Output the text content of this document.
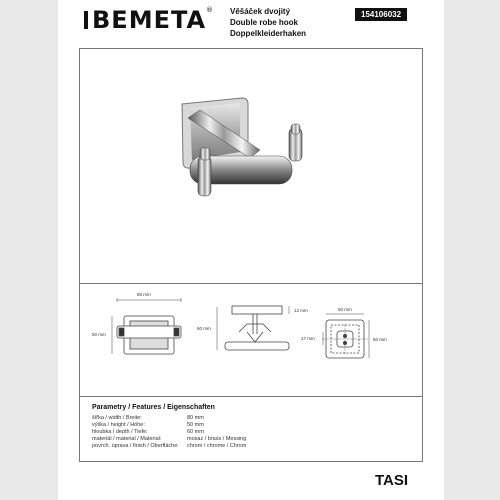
BEMETA® Věšáček dvojitý
Double robe hook
Doppelkleiderhaken
154106032
80 mm
50 mm
12 mm
60 mm
50 mm
50 mm
17 mm
Parametry / Features / Eigenschaften
šířka / width / Breite:	80 mm
výška / height / Höhe:	50 mm
hloubka / depth / Tiefe:	60 mm
materiál / material / Material:	mosaz / brass / Messing
povrch. úprava / finish / Oberfläche:	chrom / chrome / Chrom
TASI
